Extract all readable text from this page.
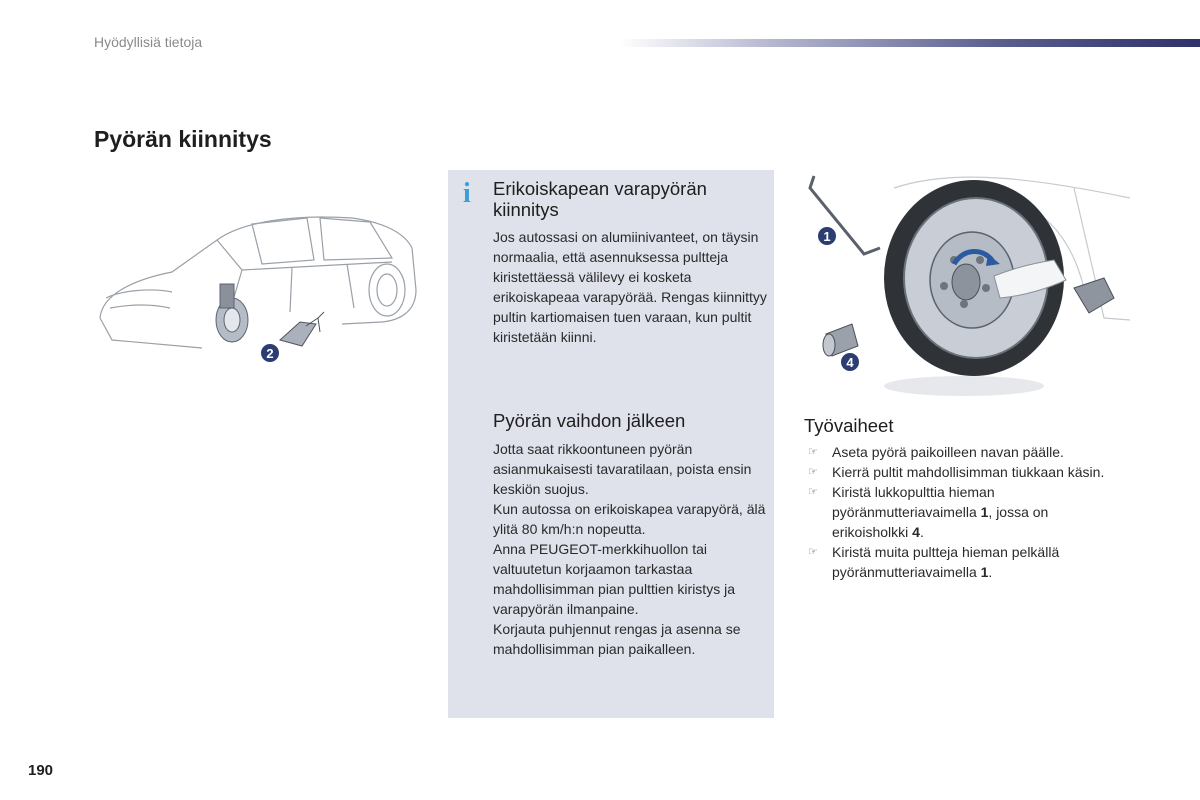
Hyödyllisiä tietoja
Pyörän kiinnitys
2
i Erikoiskapean varapyörän kiinnitys
Jos autossasi on alumiinivanteet, on täysin normaalia, että asennuksessa pultteja kiristettäessä välilevy ei kosketa erikoiskapeaa varapyörää. Rengas kiinnittyy pultin kartiomaisen tuen varaan, kun pultit kiristetään kiinni.
Pyörän vaihdon jälkeen

Jotta saat rikkoontuneen pyörän asianmukaisesti tavaratilaan, poista ensin keskiön suojus.

Kun autossa on erikoiskapea varapyörä, älä ylitä 80 km/h:n nopeutta.

Anna PEUGEOT-merkkihuollon tai valtuutetun korjaamon tarkastaa mahdollisimman pian pulttien kiristys ja varapyörän ilmanpaine.

Korjauta puhjennut rengas ja asenna se mahdollisimman pian paikalleen.

1
4
Työvaiheet
☞ Aseta pyörä paikoilleen navan päälle.
☞ Kierrä pultit mahdollisimman tiukkaan käsin.
☞ Kiristä lukkopulttia hieman pyöränmutteriavaimella 1, jossa on erikoisholkki 4.
☞ Kiristä muita pultteja hieman pelkällä pyöränmutteriavaimella 1.
190
